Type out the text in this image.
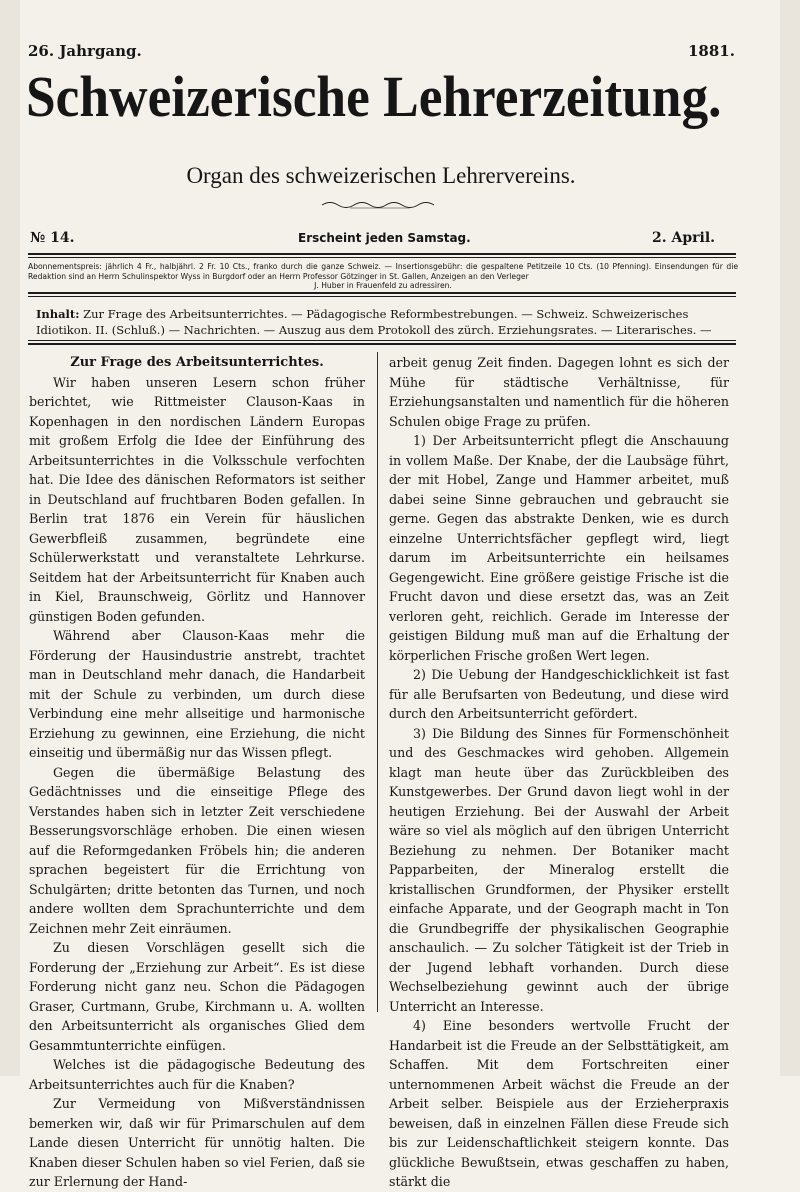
26. Jahrgang.	1881.
Schweizerische Lehrerzeitung.
Organ des schweizerischen Lehrervereins.
№ 14.	Erscheint jeden Samstag.	2. April.
Abonnementspreis: jährlich 4 Fr., halbjährl. 2 Fr. 10 Cts., franko durch die ganze Schweiz. — Insertionsgebühr: die gespaltene Petitzeile 10 Cts. (10 Pfenning). Einsendungen für die Redaktion sind an Herrn Schulinspektor Wyss in Burgdorf oder an Herrn Professor Götzinger in St. Gallen, Anzeigen an den Verleger
J. Huber in Frauenfeld zu adressiren.
Inhalt: Zur Frage des Arbeitsunterrichtes. — Pädagogische Reformbestrebungen. — Schweiz. Schweizerisches Idiotikon. II. (Schluß.) — Nachrichten. — Auszug aus dem Protokoll des zürch. Erziehungsrates. — Literarisches. —

Zur Frage des Arbeitsunterrichtes.

Wir haben unseren Lesern schon früher berichtet, wie Rittmeister Clauson-Kaas in Kopenhagen in den nordischen Ländern Europas mit großem Erfolg die Idee der Einführung des Arbeitsunterrichtes in die Volksschule verfochten hat. Die Idee des dänischen Reformators ist seither in Deutschland auf fruchtbaren Boden gefallen. In Berlin trat 1876 ein Verein für häuslichen Gewerbfleiß zusammen, begründete eine Schülerwerkstatt und veranstaltete Lehrkurse. Seitdem hat der Arbeitsunterricht für Knaben auch in Kiel, Braunschweig, Görlitz und Hannover günstigen Boden gefunden.

Während aber Clauson-Kaas mehr die Förderung der Hausindustrie anstrebt, trachtet man in Deutschland mehr danach, die Handarbeit mit der Schule zu verbinden, um durch diese Verbindung eine mehr allseitige und harmonische Erziehung zu gewinnen, eine Erziehung, die nicht einseitig und übermäßig nur das Wissen pflegt.

Gegen die übermäßige Belastung des Gedächtnisses und die einseitige Pflege des Verstandes haben sich in letzter Zeit verschiedene Besserungsvorschläge erhoben. Die einen wiesen auf die Reformgedanken Fröbels hin; die anderen sprachen begeistert für die Errichtung von Schulgärten; dritte betonten das Turnen, und noch andere wollten dem Sprachunterrichte und dem Zeichnen mehr Zeit einräumen.

Zu diesen Vorschlägen gesellt sich die Forderung der „Erziehung zur Arbeit“. Es ist diese Forderung nicht ganz neu. Schon die Pädagogen Graser, Curtmann, Grube, Kirchmann u. A. wollten den Arbeitsunterricht als organisches Glied dem Gesammtunterrichte einfügen.

Welches ist die pädagogische Bedeutung des Arbeitsunterrichtes auch für die Knaben?

Zur Vermeidung von Mißverständnissen bemerken wir, daß wir für Primarschulen auf dem Lande diesen Unterricht für unnötig halten. Die Knaben dieser Schulen haben so viel Ferien, daß sie zur Erlernung der Hand-

arbeit genug Zeit finden. Dagegen lohnt es sich der Mühe für städtische Verhältnisse, für Erziehungsanstalten und namentlich für die höheren Schulen obige Frage zu prüfen.

1) Der Arbeitsunterricht pflegt die Anschauung in vollem Maße. Der Knabe, der die Laubsäge führt, der mit Hobel, Zange und Hammer arbeitet, muß dabei seine Sinne gebrauchen und gebraucht sie gerne. Gegen das abstrakte Denken, wie es durch einzelne Unterrichtsfächer gepflegt wird, liegt darum im Arbeitsunterrichte ein heilsames Gegengewicht. Eine größere geistige Frische ist die Frucht davon und diese ersetzt das, was an Zeit verloren geht, reichlich. Gerade im Interesse der geistigen Bildung muß man auf die Erhaltung der körperlichen Frische großen Wert legen.

2) Die Uebung der Handgeschicklichkeit ist fast für alle Berufsarten von Bedeutung, und diese wird durch den Arbeitsunterricht gefördert.

3) Die Bildung des Sinnes für Formenschönheit und des Geschmackes wird gehoben. Allgemein klagt man heute über das Zurückbleiben des Kunstgewerbes. Der Grund davon liegt wohl in der heutigen Erziehung. Bei der Auswahl der Arbeit wäre so viel als möglich auf den übrigen Unterricht Beziehung zu nehmen. Der Botaniker macht Papparbeiten, der Mineralog erstellt die kristallischen Grundformen, der Physiker erstellt einfache Apparate, und der Geograph macht in Ton die Grundbegriffe der physikalischen Geographie anschaulich. — Zu solcher Tätigkeit ist der Trieb in der Jugend lebhaft vorhanden. Durch diese Wechselbeziehung gewinnt auch der übrige Unterricht an Interesse.

4) Eine besonders wertvolle Frucht der Handarbeit ist die Freude an der Selbsttätigkeit, am Schaffen. Mit dem Fortschreiten einer unternommenen Arbeit wächst die Freude an der Arbeit selber. Beispiele aus der Erzieherpraxis beweisen, daß in einzelnen Fällen diese Freude sich bis zur Leidenschaftlichkeit steigern konnte. Das glückliche Bewußtsein, etwas geschaffen zu haben, stärkt die
